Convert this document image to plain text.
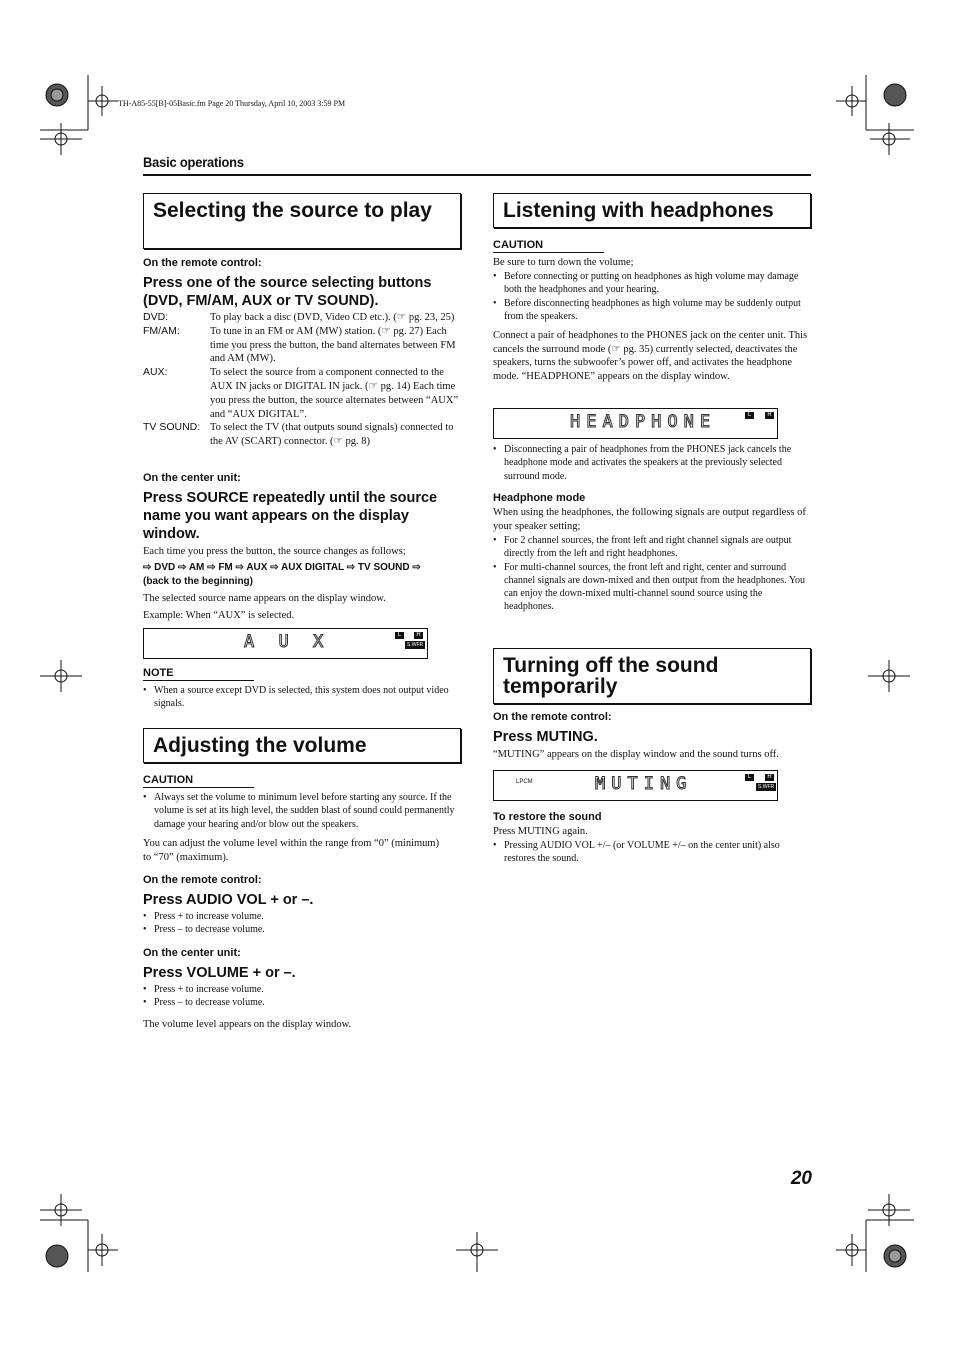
TH-A85-55[B]-05Basic.fm Page 20 Thursday, April 10, 2003 3:59 PM
Basic operations
Selecting the source to play
On the remote control:
Press one of the source selecting buttons (DVD, FM/AM, AUX or TV SOUND).
DVD:	To play back a disc (DVD, Video CD etc.). (☞ pg. 23, 25)
FM/AM:	To tune in an FM or AM (MW) station. (☞ pg. 27) Each time you press the button, the band alternates between FM and AM (MW).
AUX:	To select the source from a component connected to the AUX IN jacks or DIGITAL IN jack. (☞ pg. 14) Each time you press the button, the source alternates between “AUX” and “AUX DIGITAL”.
TV SOUND: To select the TV (that outputs sound signals) connected to the AV (SCART) connector. (☞ pg. 8)
On the center unit:
Press SOURCE repeatedly until the source name you want appears on the display window.
Each time you press the button, the source changes as follows;
⇨ DVD ⇨ AM ⇨ FM ⇨ AUX ⇨ AUX DIGITAL ⇨ TV SOUND ⇨ (back to the beginning)
The selected source name appears on the display window.
Example: When “AUX” is selected.
A U X	L	R
S.WFR
NOTE
• When a source except DVD is selected, this system does not output video signals.
Adjusting the volume
CAUTION
• Always set the volume to minimum level before starting any source. If the volume is set at its high level, the sudden blast of sound could permanently damage your hearing and/or blow out the speakers.
You can adjust the volume level within the range from “0” (minimum) to “70” (maximum).
On the remote control:
Press AUDIO VOL + or –.
• Press + to increase volume.
• Press – to decrease volume.
On the center unit:
Press VOLUME + or –.
• Press + to increase volume.
• Press – to decrease volume.
The volume level appears on the display window.
Listening with headphones
CAUTION
Be sure to turn down the volume;
• Before connecting or putting on headphones as high volume may damage both the headphones and your hearing.
• Before disconnecting headphones as high volume may be suddenly output from the speakers.
Connect a pair of headphones to the PHONES jack on the center unit. This cancels the surround mode (☞ pg. 35) currently selected, deactivates the speakers, turns the subwoofer’s power off, and activates the headphone mode. “HEADPHONE” appears on the display window.
HEADPHONE	L	R
• Disconnecting a pair of headphones from the PHONES jack cancels the headphone mode and activates the speakers at the previously selected surround mode.
Headphone mode
When using the headphones, the following signals are output regardless of your speaker setting;
• For 2 channel sources, the front left and right channel signals are output directly from the left and right headphones.
• For multi-channel sources, the front left and right, center and surround channel signals are down-mixed and then output from the headphones. You can enjoy the down-mixed multi-channel sound source using the headphones.
Turning off the sound temporarily
On the remote control:
Press MUTING.
“MUTING” appears on the display window and the sound turns off.
LPCM	MUTING	L	R
S.WFR
To restore the sound
Press MUTING again.
• Pressing AUDIO VOL +/– (or VOLUME +/– on the center unit) also restores the sound.
20
